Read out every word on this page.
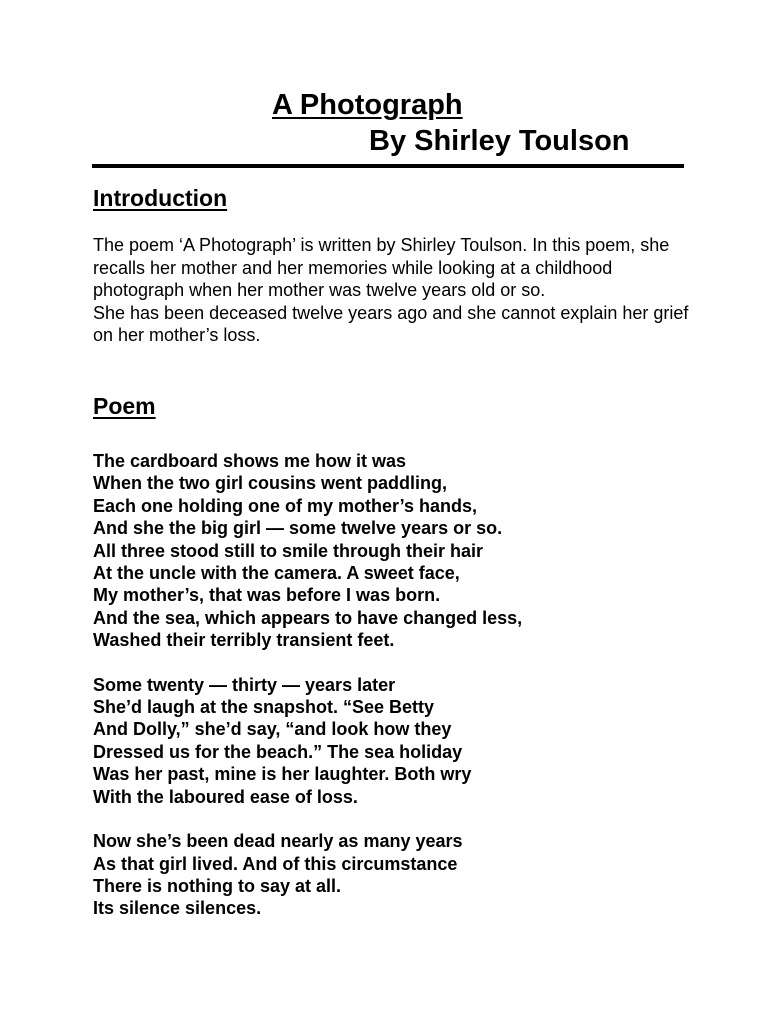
A Photograph
By Shirley Toulson
Introduction

The poem ‘A Photograph’ is written by Shirley Toulson. In this poem, she recalls her mother and her memories while looking at a childhood photograph when her mother was twelve years old or so.

She has been deceased twelve years ago and she cannot explain her grief on her mother’s loss.

Poem
The cardboard shows me how it was
When the two girl cousins went paddling,
Each one holding one of my mother’s hands,
And she the big girl — some twelve years or so.
All three stood still to smile through their hair
At the uncle with the camera. A sweet face,
My mother’s, that was before I was born.
And the sea, which appears to have changed less,
Washed their terribly transient feet.
Some twenty — thirty — years later
She’d laugh at the snapshot. “See Betty
And Dolly,” she’d say, “and look how they
Dressed us for the beach.” The sea holiday
Was her past, mine is her laughter. Both wry
With the laboured ease of loss.
Now she’s been dead nearly as many years
As that girl lived. And of this circumstance
There is nothing to say at all.
Its silence silences.
